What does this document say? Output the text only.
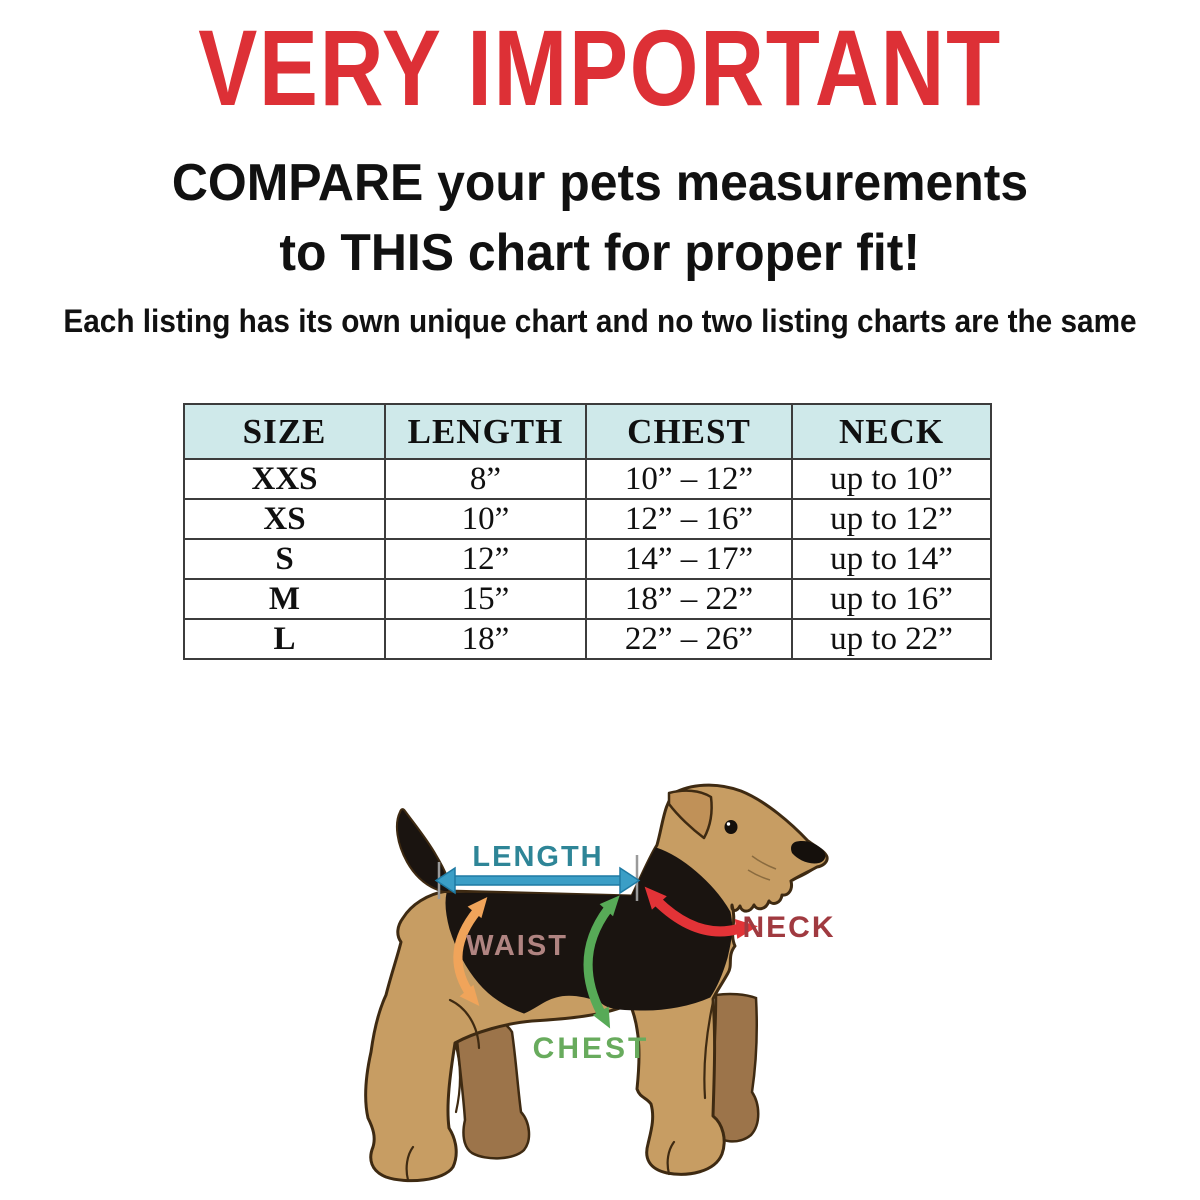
VERY IMPORTANT
COMPARE your pets measurements
to THIS chart for proper fit!
Each listing has its own unique chart and no two listing charts are the same
SIZE	LENGTH	CHEST	NECK
XXS	8”	10” – 12”	up to 10”
XS	10”	12” – 16”	up to 12”
S	12”	14” – 17”	up to 14”
M	15”	18” – 22”	up to 16”
L	18”	22” – 26”	up to 22”
LENGTH
WAIST
NECK
CHEST
